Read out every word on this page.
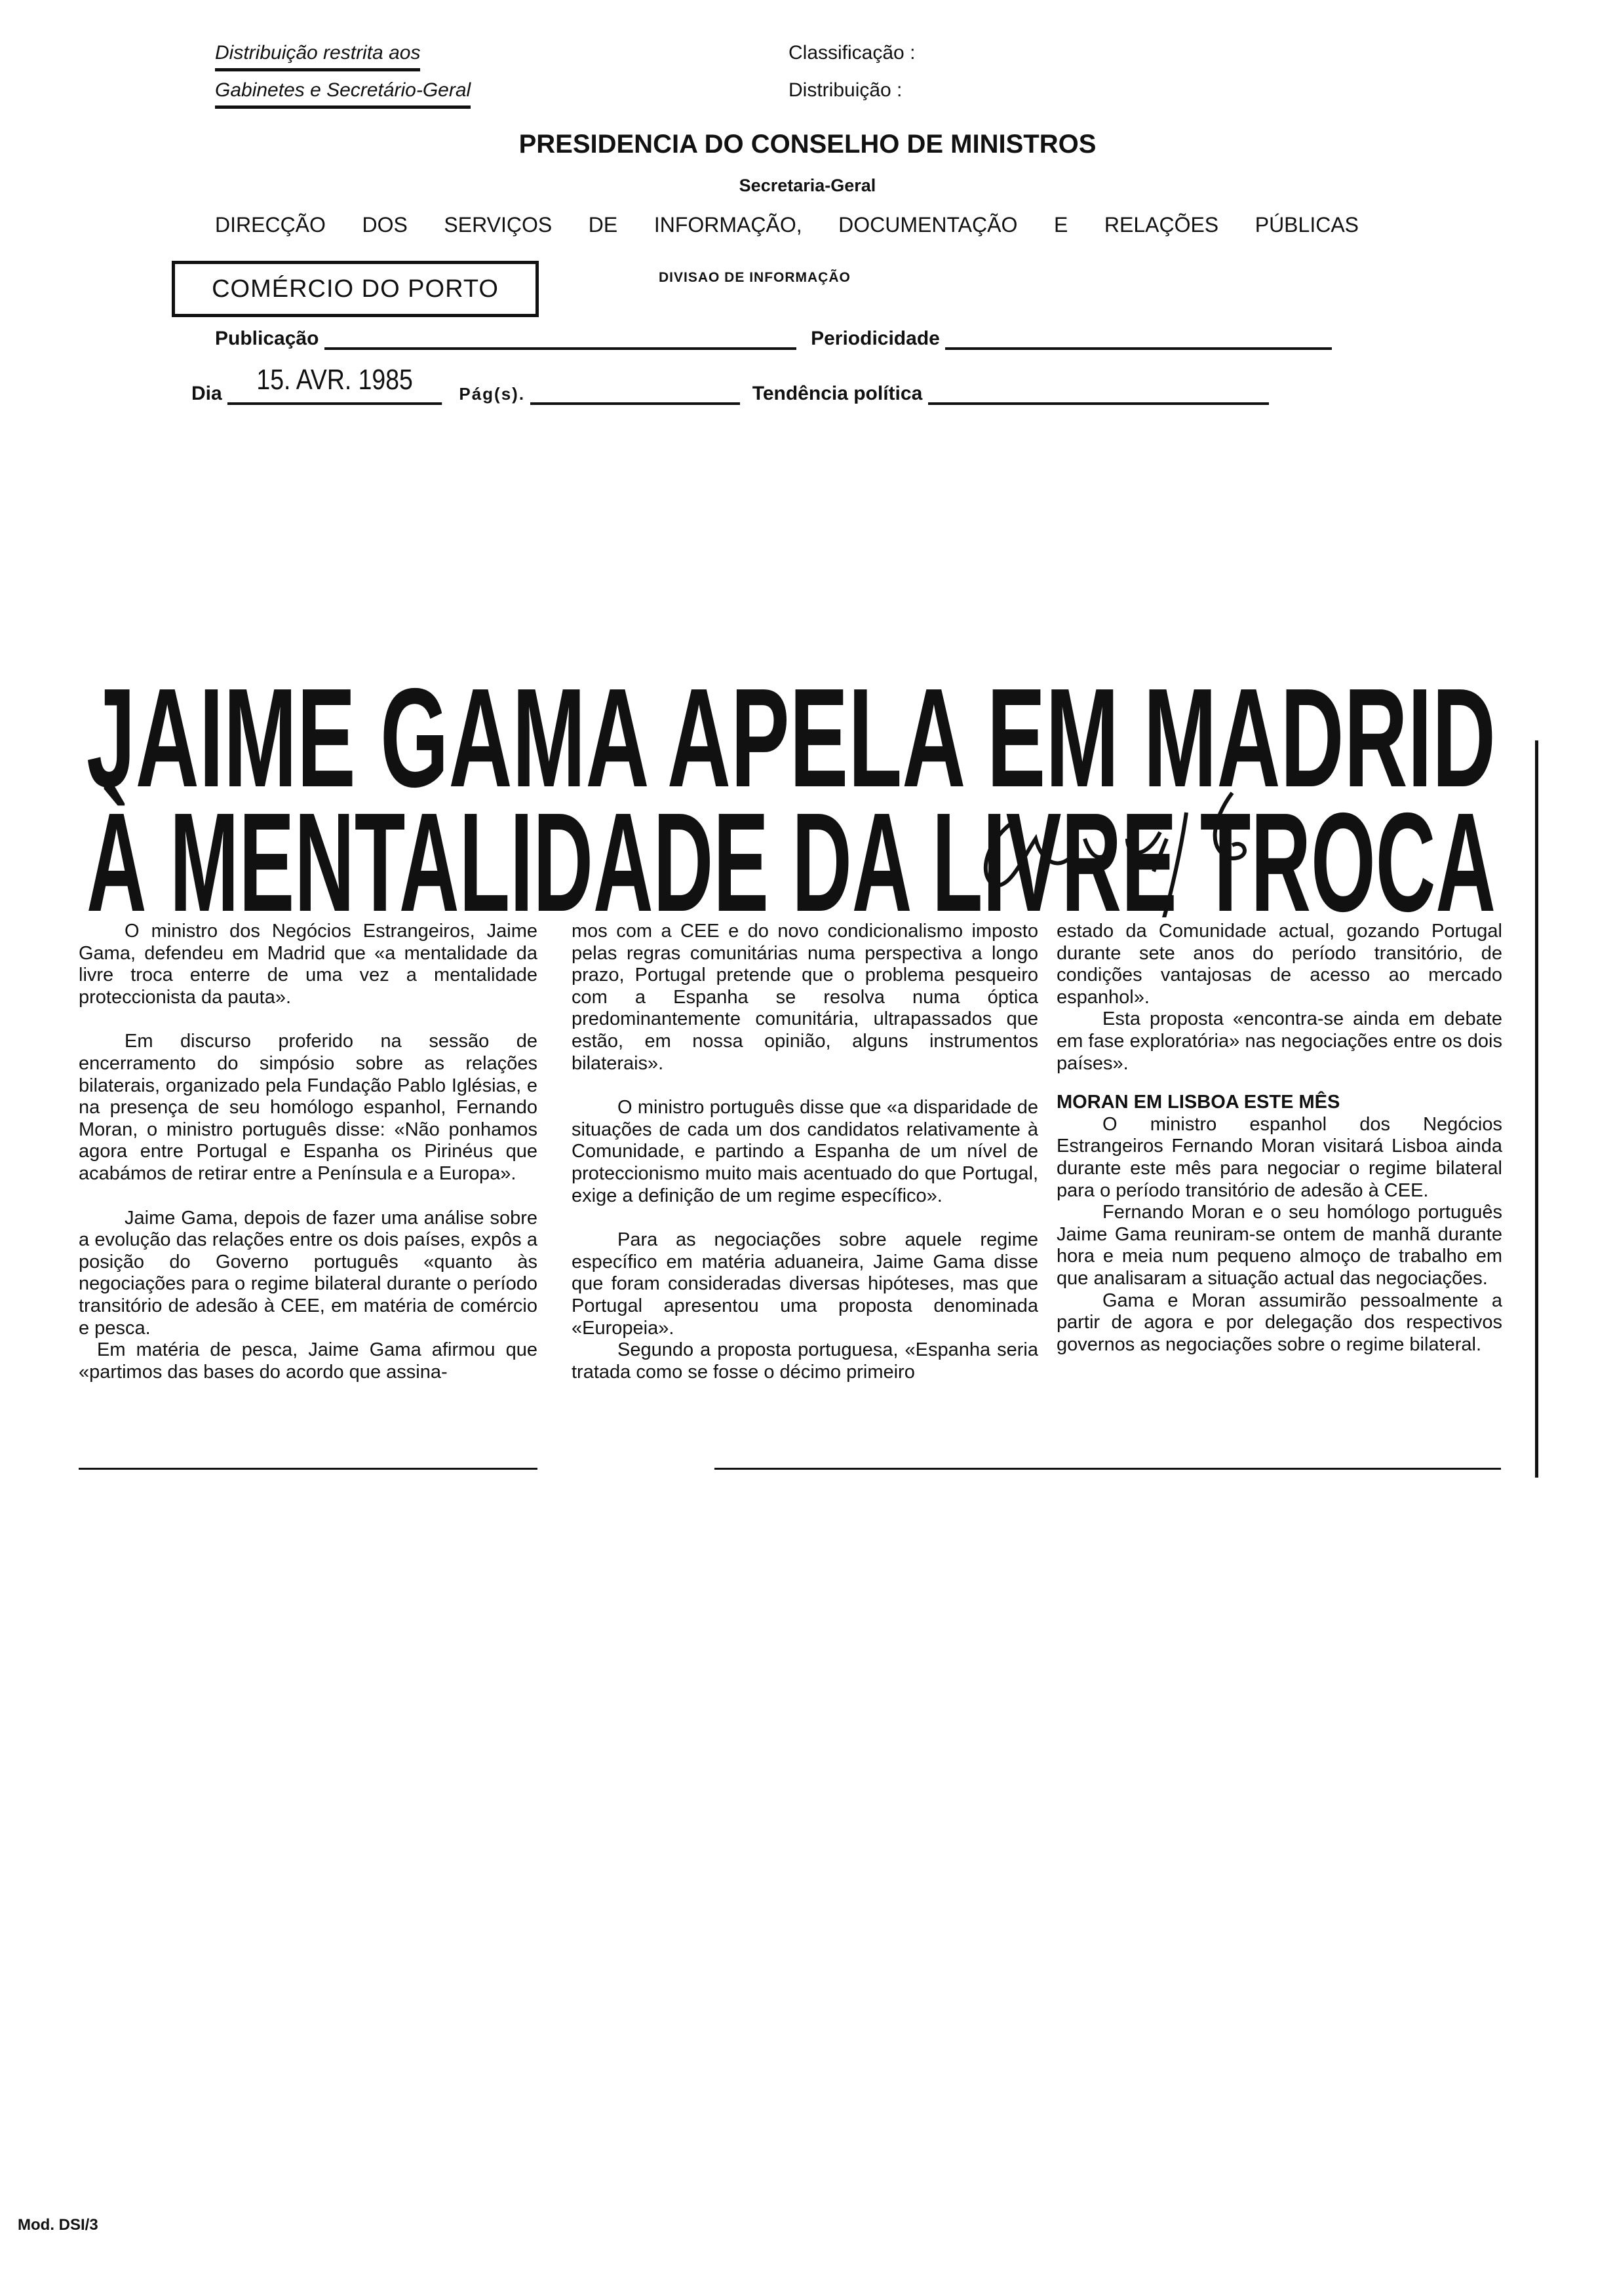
Distribuição restrita aos
Gabinetes e Secretário-Geral
Classificação :
Distribuição :
PRESIDENCIA DO CONSELHO DE MINISTROS
Secretaria-Geral
DIRECÇÃO DOS SERVIÇOS DE INFORMAÇÃO, DOCUMENTAÇÃO E RELAÇÕES PÚBLICAS
COMÉRCIO DO PORTO	DIVISAO DE INFORMAÇÃO
Publicação	Periodicidade
Dia 15. AVR. 1985	Pág(s).	Tendência política
JAIME GAMA APELA EM MADRID
À MENTALIDADE DA LIVRE TROCA

O ministro dos Negócios Estrangeiros, Jaime Gama, defendeu em Madrid que «a mentalidade da livre troca enterre de uma vez a mentalidade proteccionista da pauta».

Em discurso proferido na sessão de encerramento do simpósio sobre as relações bilaterais, organizado pela Fundação Pablo Iglésias, e na presença de seu homólogo espanhol, Fernando Moran, o ministro português disse: «Não ponhamos agora entre Portugal e Espanha os Pirinéus que acabámos de retirar entre a Península e a Europa».

Jaime Gama, depois de fazer uma análise sobre a evolução das relações entre os dois países, expôs a posição do Governo português «quanto às negociações para o regime bilateral durante o período transitório de adesão à CEE, em matéria de comércio e pesca.

Em matéria de pesca, Jaime Gama afirmou que «partimos das bases do acordo que assina-

mos com a CEE e do novo condicionalismo imposto pelas regras comunitárias numa perspectiva a longo prazo, Portugal pretende que o problema pesqueiro com a Espanha se resolva numa óptica predominantemente comunitária, ultrapassados que estão, em nossa opinião, alguns instrumentos bilaterais».

O ministro português disse que «a disparidade de situações de cada um dos candidatos relativamente à Comunidade, e partindo a Espanha de um nível de proteccionismo muito mais acentuado do que Portugal, exige a definição de um regime específico».

Para as negociações sobre aquele regime específico em matéria aduaneira, Jaime Gama disse que foram consideradas diversas hipóteses, mas que Portugal apresentou uma proposta denominada «Europeia».

Segundo a proposta portuguesa, «Espanha seria tratada como se fosse o décimo primeiro

estado da Comunidade actual, gozando Portugal durante sete anos do período transitório, de condições vantajosas de acesso ao mercado espanhol».

Esta proposta «encontra-se ainda em debate em fase exploratória» nas negociações entre os dois países».

MORAN EM LISBOA ESTE MÊS

O ministro espanhol dos Negócios Estrangeiros Fernando Moran visitará Lisboa ainda durante este mês para negociar o regime bilateral para o período transitório de adesão à CEE.

Fernando Moran e o seu homólogo português Jaime Gama reuniram-se ontem de manhã durante hora e meia num pequeno almoço de trabalho em que analisaram a situação actual das negociações.

Gama e Moran assumirão pessoalmente a partir de agora e por delegação dos respectivos governos as negociações sobre o regime bilateral.

Mod. DSI/3
